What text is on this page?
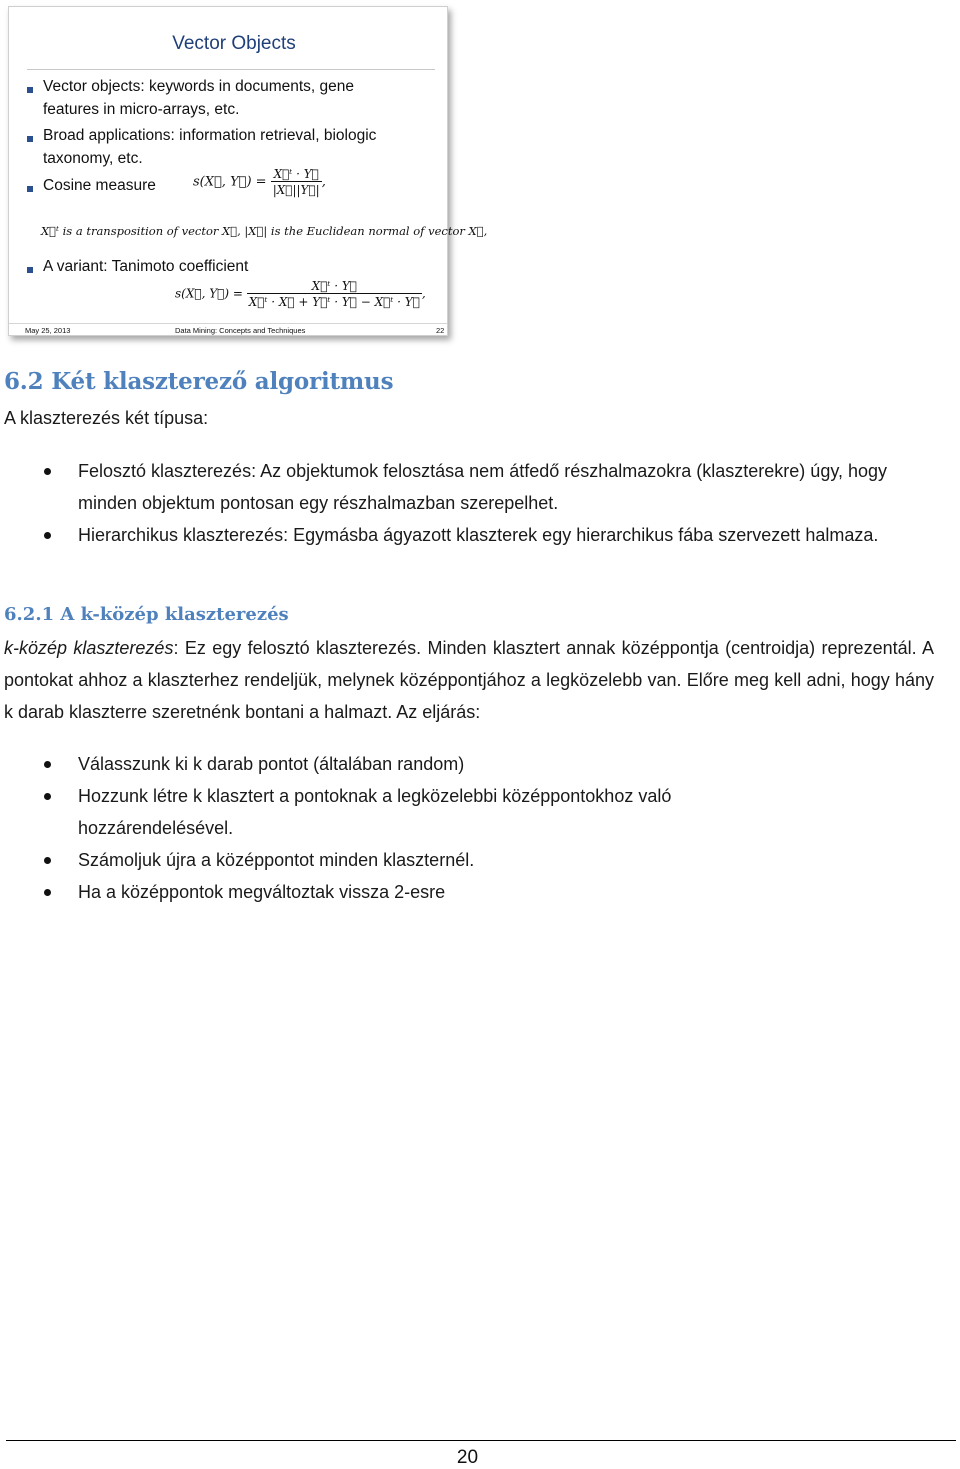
Vector Objects
Vector objects: keywords in documents, gene
features in micro-arrays, etc.
Broad applications: information retrieval, biologic
taxonomy, etc.
Cosine measure	s(X⃗, Y⃗) = $\frac{\text{X⃗ᵗ · Y⃗}}{|X⃗||Y⃗|}$ ,
X⃗ᵗ is a transposition of vector X⃗, |X⃗| is the Euclidean normal of vector X⃗,
A variant: Tanimoto coefficient
s(X⃗, Y⃗) = $\frac{\text{X⃗ᵗ · Y⃗}}{\text{X⃗ᵗ · X⃗ + Y⃗ᵗ · Y⃗ − X⃗ᵗ · Y⃗}}$ ,
May 25, 2013	Data Mining: Concepts and Techniques	22
6.2 Két klaszterező algoritmus

A klaszterezés két típusa:

Felosztó klaszterezés: Az objektumok felosztása nem átfedő részhalmazokra (klaszterekre) úgy, hogy minden objektum pontosan egy részhalmazban szerepelhet.
Hierarchikus klaszterezés: Egymásba ágyazott klaszterek egy hierarchikus fába szervezett halmaza.
6.2.1 A k-közép klaszterezés

k-közép klaszterezés: Ez egy felosztó klaszterezés. Minden klasztert annak középpontja (centroidja) reprezentál. A pontokat ahhoz a klaszterhez rendeljük, melynek középpontjához a legközelebb van. Előre meg kell adni, hogy hány k darab klaszterre szeretnénk bontani a halmazt. Az eljárás:

Válasszunk ki k darab pontot (általában random)
Hozzunk létre k klasztert a pontoknak a legközelebbi középpontokhoz való hozzárendelésével.
Számoljuk újra a középpontot minden klaszternél.
Ha a középpontok megváltoztak vissza 2-esre
20
